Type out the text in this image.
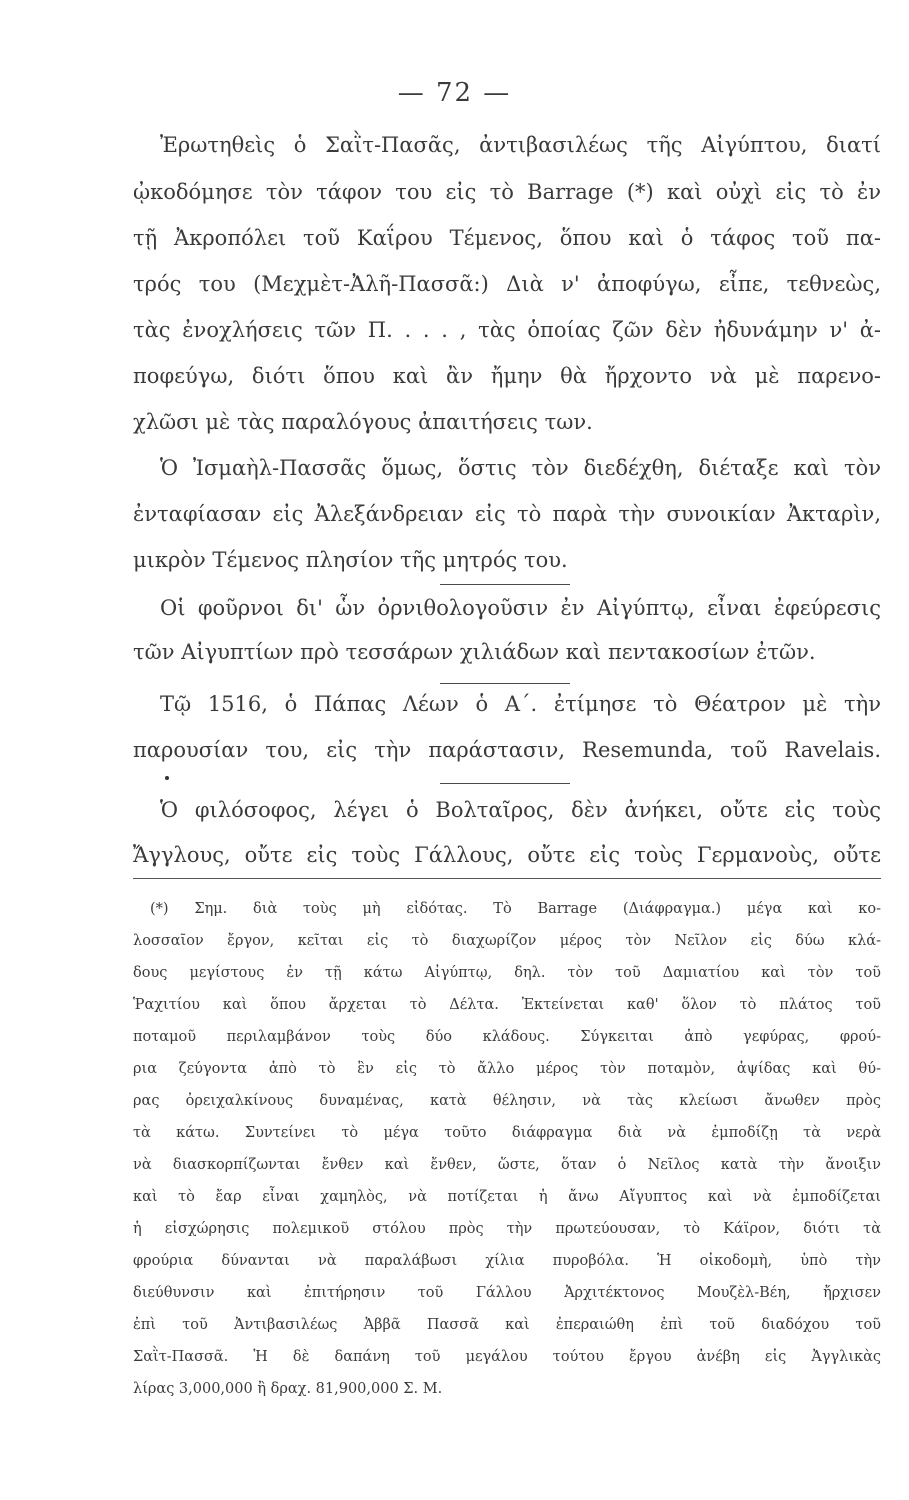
— 72 —
Ἐρωτηθεὶς ὁ Σαῒτ-Πασᾶς, ἀντιβασιλέως τῆς Αἰγύπτου, διατί
ᾠκοδόμησε τὸν τάφον του εἰς τὸ Barrage (*) καὶ οὐχὶ εἰς τὸ ἐν
τῇ Ἀκροπόλει τοῦ Καΐρου Τέμενος, ὅπου καὶ ὁ τάφος τοῦ πα-
τρός του (Μεχμὲτ-Ἀλῆ-Πασσᾶ:) Διὰ ν' ἀποφύγω, εἶπε, τεθνεὼς,
τὰς ἐνοχλήσεις τῶν Π. . . . , τὰς ὁποίας ζῶν δὲν ἠδυνάμην ν' ἀ-
ποφεύγω, διότι ὅπου καὶ ἂν ἤμην θὰ ἤρχοντο νὰ μὲ παρενο-
χλῶσι μὲ τὰς παραλόγους ἀπαιτήσεις των.
Ὁ Ἰσμαὴλ-Πασσᾶς ὅμως, ὅστις τὸν διεδέχθη, διέταξε καὶ τὸν
ἐνταφίασαν εἰς Ἀλεξάνδρειαν εἰς τὸ παρὰ τὴν συνοικίαν Ἀκταρὶν,
μικρὸν Τέμενος πλησίον τῆς μητρός του.
Οἱ φοῦρνοι δι' ὧν ὀρνιθολογοῦσιν ἐν Αἰγύπτῳ, εἶναι ἐφεύρεσις
τῶν Αἰγυπτίων πρὸ τεσσάρων χιλιάδων καὶ πεντακοσίων ἐτῶν.
Τῷ 1516, ὁ Πάπας Λέων ὁ Α΄. ἐτίμησε τὸ Θέατρον μὲ τὴν
παρουσίαν του, εἰς τὴν παράστασιν, Resemunda, τοῦ Ravelais.
Ὁ φιλόσοφος, λέγει ὁ Βολταῖρος, δὲν ἀνήκει, οὔτε εἰς τοὺς
Ἄγγλους, οὔτε εἰς τοὺς Γάλλους, οὔτε εἰς τοὺς Γερμανοὺς, οὔτε
(*) Σημ. διὰ τοὺς μὴ εἰδότας. Τὸ Barrage (Διάφραγμα.) μέγα καὶ κο-
λοσσαῖον ἔργον, κεῖται εἰς τὸ διαχωρίζον μέρος τὸν Νεῖλον εἰς δύω κλά-
δους μεγίστους ἐν τῇ κάτω Αἰγύπτῳ, δηλ. τὸν τοῦ Δαμιατίου καὶ τὸν τοῦ
Ῥαχιτίου καὶ ὅπου ἄρχεται τὸ Δέλτα. Ἐκτείνεται καθ' ὅλον τὸ πλάτος τοῦ
ποταμοῦ περιλαμβάνον τοὺς δύο κλάδους. Σύγκειται ἀπὸ γεφύρας, φρού-
ρια ζεύγοντα ἀπὸ τὸ ἓν εἰς τὸ ἄλλο μέρος τὸν ποταμὸν, ἀψίδας καὶ θύ-
ρας ὀρειχαλκίνους δυναμένας, κατὰ θέλησιν, νὰ τὰς κλείωσι ἄνωθεν πρὸς
τὰ κάτω. Συντείνει τὸ μέγα τοῦτο διάφραγμα διὰ νὰ ἐμποδίζῃ τὰ νερὰ
νὰ διασκορπίζωνται ἔνθεν καὶ ἔνθεν, ὥστε, ὅταν ὁ Νεῖλος κατὰ τὴν ἄνοιξιν
καὶ τὸ ἔαρ εἶναι χαμηλὸς, νὰ ποτίζεται ἡ ἄνω Αἴγυπτος καὶ νὰ ἐμποδίζεται
ἡ εἰσχώρησις πολεμικοῦ στόλου πρὸς τὴν πρωτεύουσαν, τὸ Κάϊρον, διότι τὰ
φρούρια δύνανται νὰ παραλάβωσι χίλια πυροβόλα. Ἡ οἰκοδομὴ, ὑπὸ τὴν
διεύθυνσιν καὶ ἐπιτήρησιν τοῦ Γάλλου Ἀρχιτέκτονος Μουζὲλ-Βέη, ἤρχισεν
ἐπὶ τοῦ Ἀντιβασιλέως Ἀββᾶ Πασσᾶ καὶ ἐπεραιώθη ἐπὶ τοῦ διαδόχου τοῦ
Σαῒτ-Πασσᾶ. Ἡ δὲ δαπάνη τοῦ μεγάλου τούτου ἔργου ἀνέβη εἰς Ἀγγλικὰς
λίρας 3,000,000 ἢ δραχ. 81,900,000 Σ. Μ.
